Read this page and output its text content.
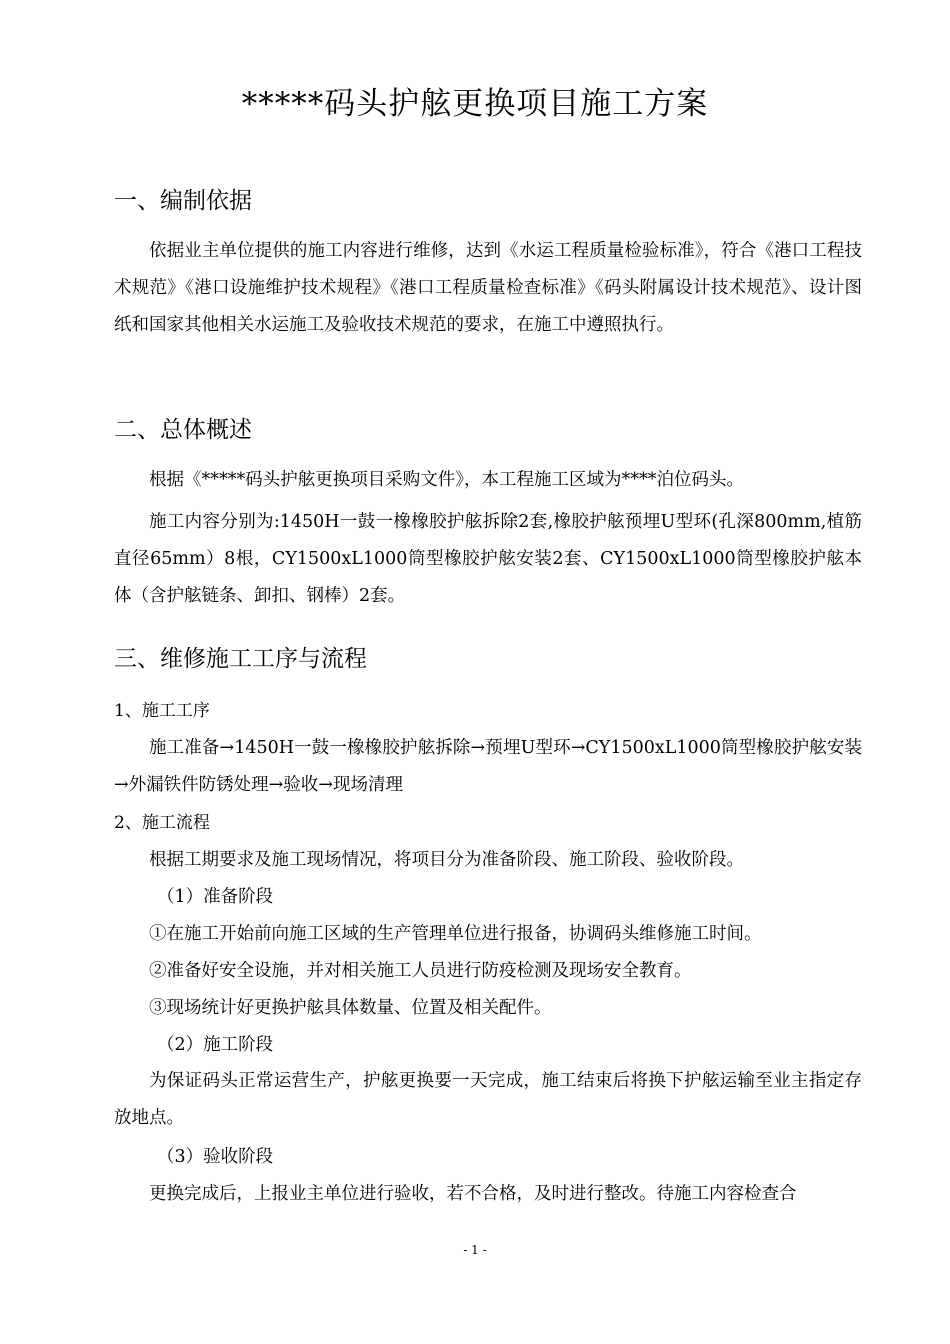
*****码头护舷更换项目施工方案
一、编制依据
依据业主单位提供的施工内容进行维修，达到《水运工程质量检验标准》，符合《港口工程技术规范》《港口设施维护技术规程》《港口工程质量检查标准》《码头附属设计技术规范》、设计图纸和国家其他相关水运施工及验收技术规范的要求，在施工中遵照执行。
二、总体概述
根据《*****码头护舷更换项目采购文件》，本工程施工区域为****泊位码头。
施工内容分别为:1450H一鼓一橡橡胶护舷拆除2套,橡胶护舷预埋U型环(孔深800mm,植筋直径65mm）8根，CY1500xL1000筒型橡胶护舷安装2套、CY1500xL1000筒型橡胶护舷本体（含护舷链条、卸扣、钢棒）2套。
三、维修施工工序与流程
1、施工工序
施工准备→1450H一鼓一橡橡胶护舷拆除→预埋U型环→CY1500xL1000筒型橡胶护舷安装→外漏铁件防锈处理→验收→现场清理
2、施工流程
根据工期要求及施工现场情况，将项目分为准备阶段、施工阶段、验收阶段。
（1）准备阶段
①在施工开始前向施工区域的生产管理单位进行报备，协调码头维修施工时间。
②准备好安全设施，并对相关施工人员进行防疫检测及现场安全教育。
③现场统计好更换护舷具体数量、位置及相关配件。
（2）施工阶段
为保证码头正常运营生产，护舷更换要一天完成，施工结束后将换下护舷运输至业主指定存放地点。
（3）验收阶段
更换完成后，上报业主单位进行验收，若不合格，及时进行整改。待施工内容检查合
- 1 -
